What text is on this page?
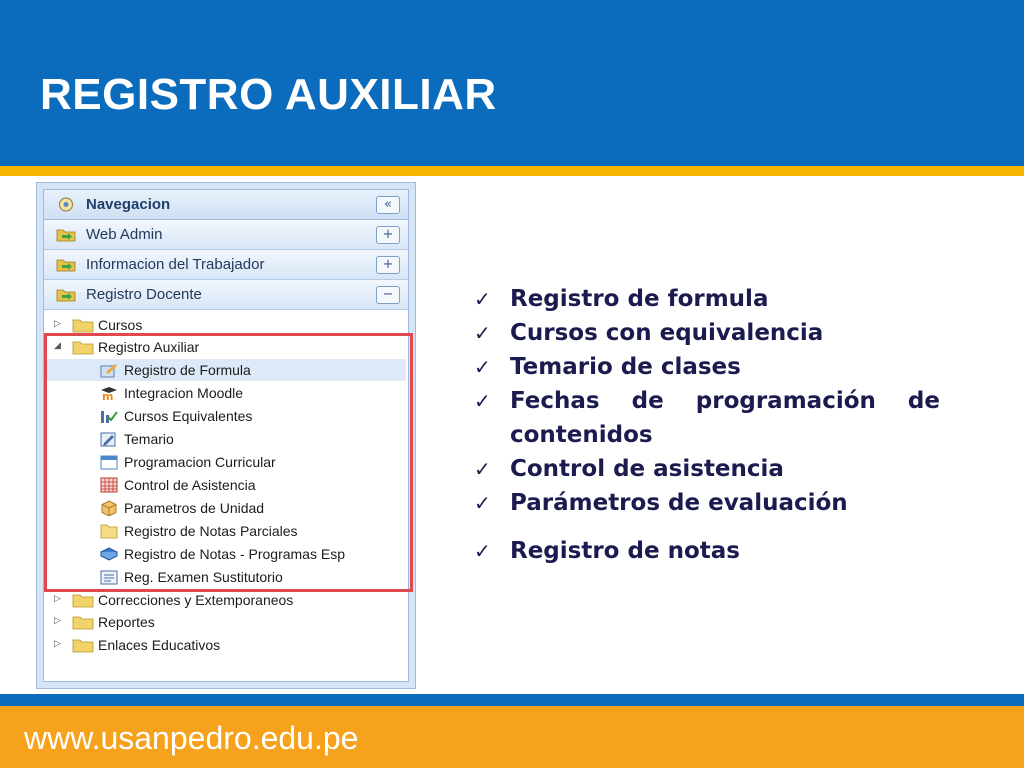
REGISTRO AUXILIAR
Navegacion	«
Web Admin	+
Informacion del Trabajador	+
Registro Docente	−
▷	Cursos
◢	Registro Auxiliar
Registro de Formula
m Integracion Moodle
Cursos Equivalentes
Temario
Programacion Curricular
Control de Asistencia
Parametros de Unidad
Registro de Notas Parciales
Registro de Notas - Programas Esp
Reg. Examen Sustitutorio
▷	Correcciones y Extemporaneos
▷	Reportes
▷	Enlaces Educativos
✓ Registro de formula
✓ Cursos con equivalencia
✓ Temario de clases
✓ Fechas de programación de contenidos
✓ Control de asistencia
✓ Parámetros de evaluación
✓ Registro de notas
www.usanpedro.edu.pe
